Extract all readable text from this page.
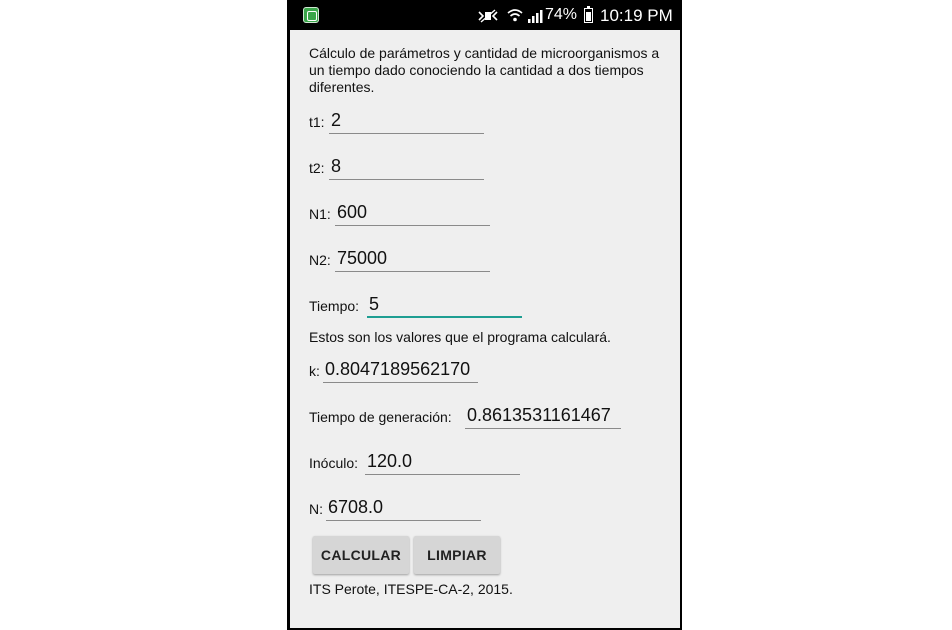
74% 10:19 PM
Cálculo de parámetros y cantidad de microorganismos a un tiempo dado conociendo la cantidad a dos tiempos diferentes.
t1: 2
t2: 8
N1: 600
N2: 75000
Tiempo: 5
Estos son los valores que el programa calculará.
k: 0.8047189562170
Tiempo de generación: 0.8613531161467
Inóculo: 120.0
N: 6708.0
CALCULAR	LIMPIAR
ITS Perote, ITESPE-CA-2, 2015.
